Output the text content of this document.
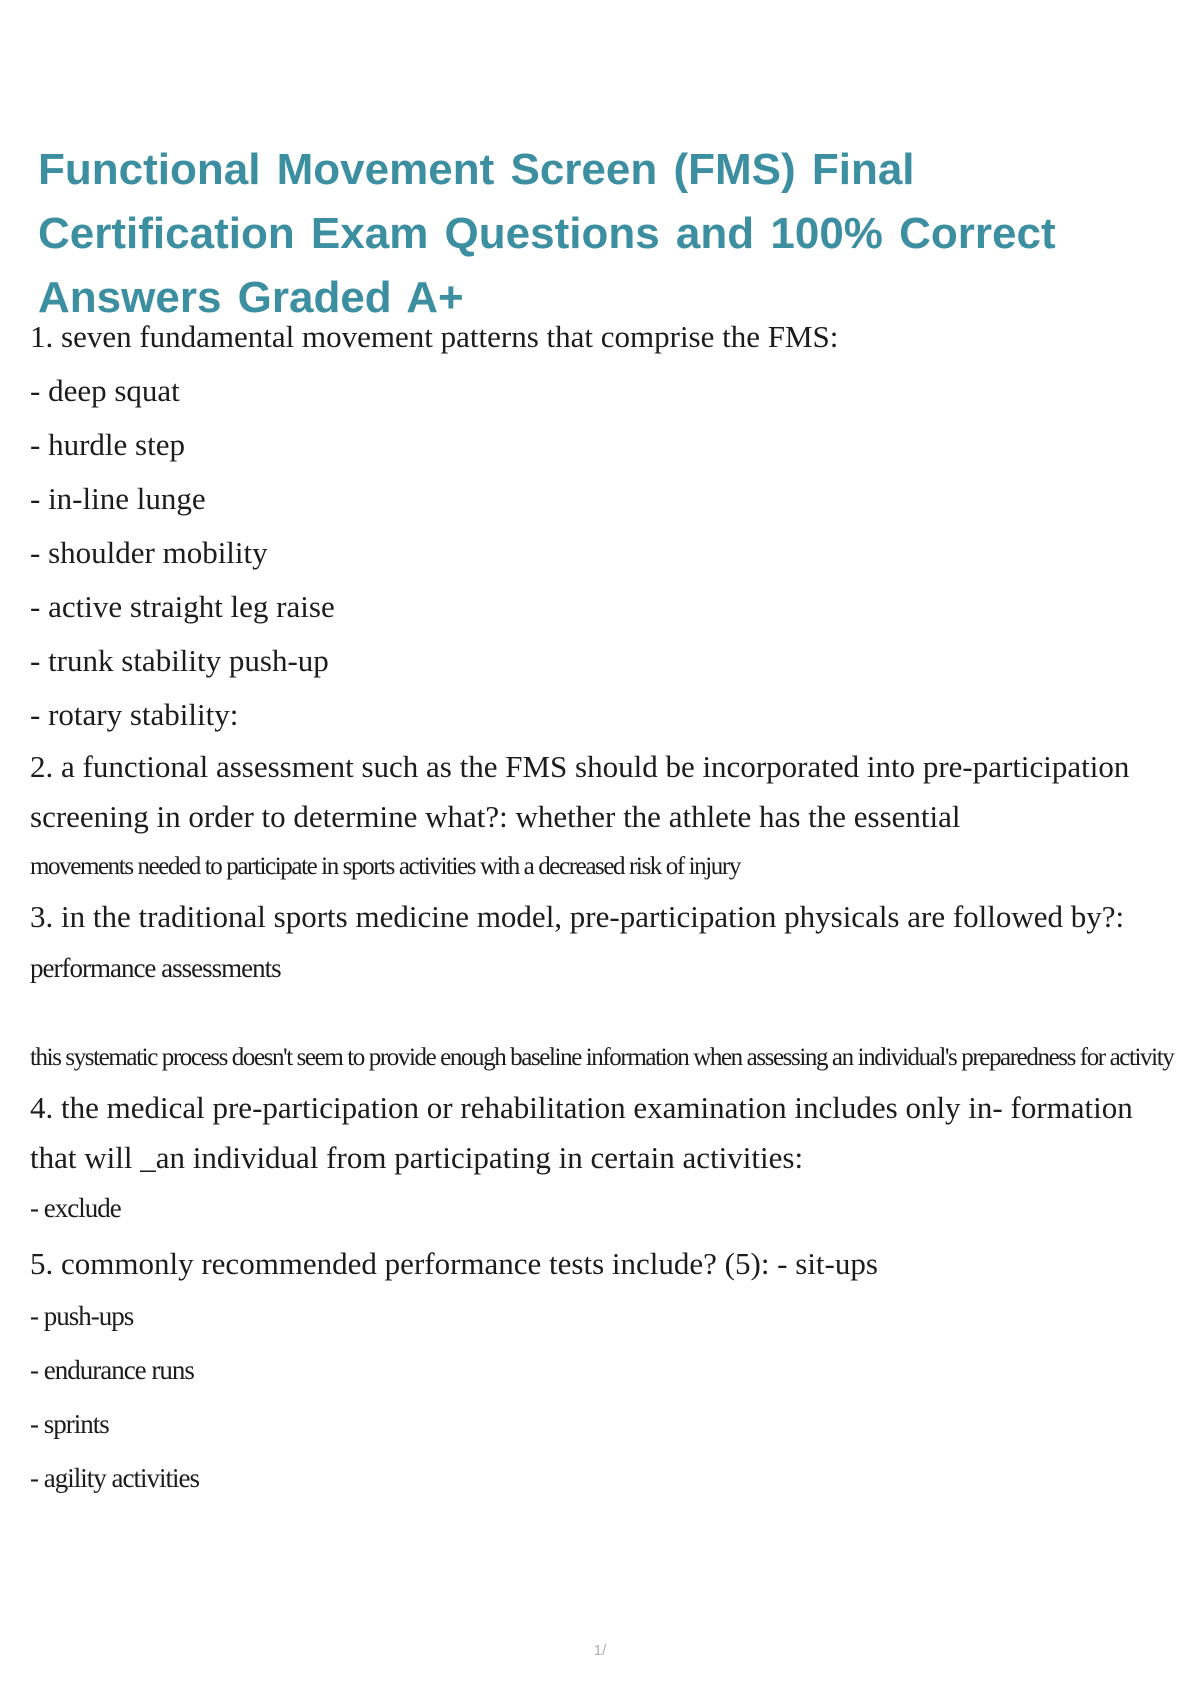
Functional Movement Screen (FMS) Final Certification Exam Questions and 100% Correct Answers Graded A+
1. seven fundamental movement patterns that comprise the FMS:
- deep squat
- hurdle step
- in-line lunge
- shoulder mobility
- active straight leg raise
- trunk stability push-up
- rotary stability:
2. a functional assessment such as the FMS should be incorporated into pre-participation screening in order to determine what?: whether the athlete has the essential
movements needed to participate in sports activities with a decreased risk of injury
3. in the traditional sports medicine model, pre-participation physicals are followed by?: performance assessments
this systematic process doesn't seem to provide enough baseline information when assessing an individual's preparedness for activity
4. the medical pre-participation or rehabilitation examination includes only in- formation that will _an individual from participating in certain activities:
- exclude
5. commonly recommended performance tests include? (5): - sit-ups
- push-ups
- endurance runs
- sprints
- agility activities
1/
